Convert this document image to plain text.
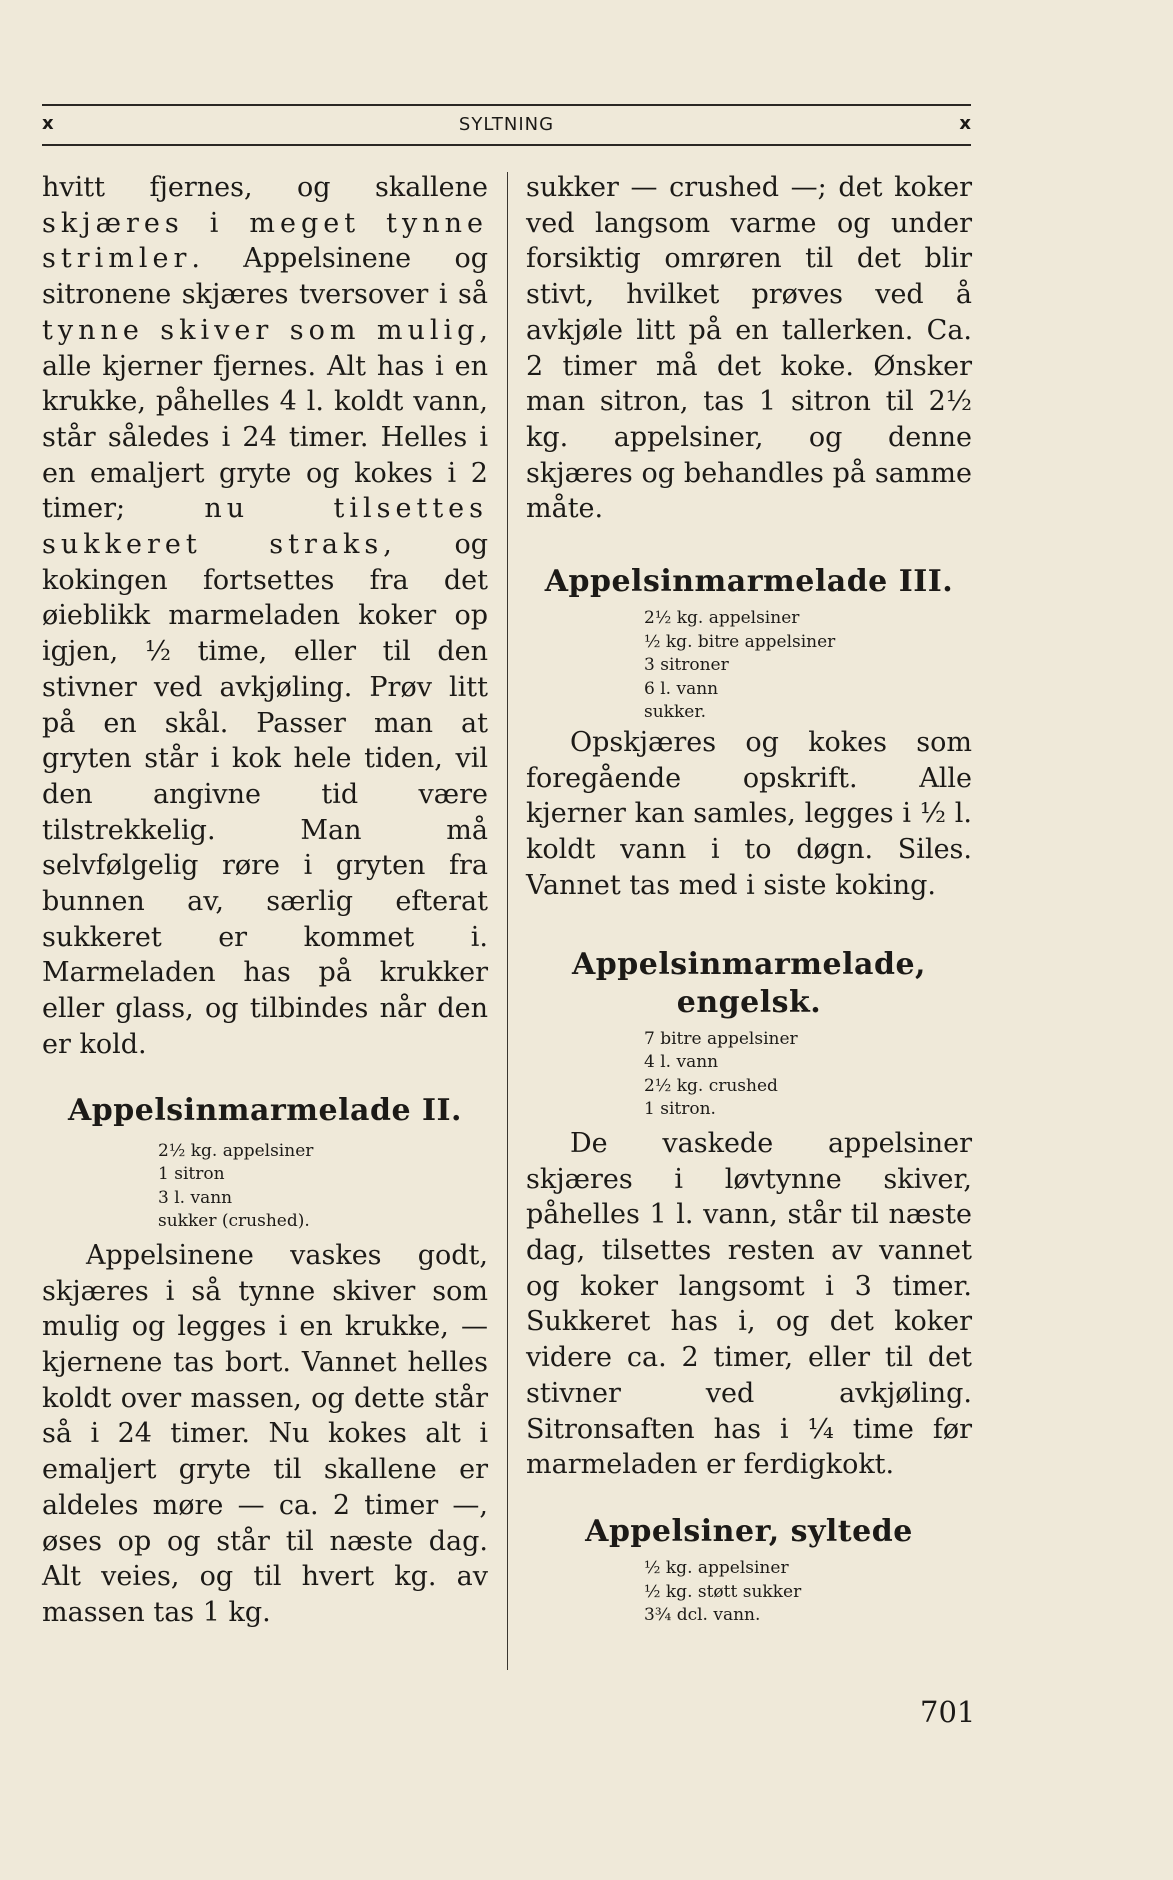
x	SYLTNING	x

hvitt fjernes, og skallene skjæres i meget tynne strimler. Appelsinene og sitronene skjæres tversover i så tynne skiver som mulig, alle kjerner fjernes. Alt has i en krukke, påhelles 4 l. koldt vann, står således i 24 timer. Helles i en emaljert gryte og kokes i 2 timer; nu tilsettes sukkeret straks, og kokingen fortsettes fra det øieblikk marmeladen koker op igjen, ½ time, eller til den stivner ved avkjøling. Prøv litt på en skål. Passer man at gryten står i kok hele tiden, vil den angivne tid være tilstrekkelig. Man må selvfølgelig røre i gryten fra bunnen av, særlig efterat sukkeret er kommet i. Marmeladen has på krukker eller glass, og tilbindes når den er kold.

Appelsinmarmelade II.
2½ kg. appelsiner
1 sitron
3 l. vann
sukker (crushed).

Appelsinene vaskes godt, skjæres i så tynne skiver som mulig og legges i en krukke, — kjernene tas bort. Vannet helles koldt over massen, og dette står så i 24 timer. Nu kokes alt i emaljert gryte til skallene er aldeles møre — ca. 2 timer —, øses op og står til næste dag. Alt veies, og til hvert kg. av massen tas 1 kg.

sukker — crushed —; det koker ved langsom varme og under forsiktig omrøren til det blir stivt, hvilket prøves ved å avkjøle litt på en tallerken. Ca. 2 timer må det koke. Ønsker man sitron, tas 1 sitron til 2½ kg. appelsiner, og denne skjæres og behandles på samme måte.

Appelsinmarmelade III.
2½ kg. appelsiner
½ kg. bitre appelsiner
3 sitroner
6 l. vann
sukker.

Opskjæres og kokes som foregående opskrift. Alle kjerner kan samles, legges i ½ l. koldt vann i to døgn. Siles. Vannet tas med i siste koking.

Appelsinmarmelade,
engelsk.
7 bitre appelsiner
4 l. vann
2½ kg. crushed
1 sitron.

De vaskede appelsiner skjæres i løvtynne skiver, påhelles 1 l. vann, står til næste dag, tilsettes resten av vannet og koker langsomt i 3 timer. Sukkeret has i, og det koker videre ca. 2 timer, eller til det stivner ved avkjøling. Sitronsaften has i ¼ time før marmeladen er ferdigkokt.

Appelsiner, syltede
½ kg. appelsiner
½ kg. støtt sukker
3¾ dcl. vann.
701
